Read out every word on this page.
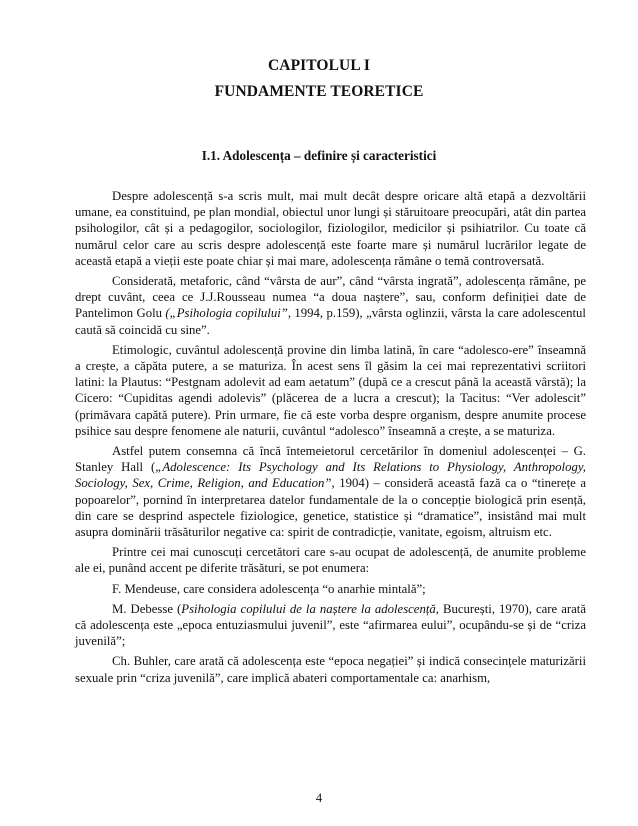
CAPITOLUL I
FUNDAMENTE TEORETICE
I.1. Adolescența – definire și caracteristici

Despre adolescență s-a scris mult, mai mult decât despre oricare altă etapă a dezvoltării umane, ea constituind, pe plan mondial, obiectul unor lungi și stăruitoare preocupări, atât din partea psihologilor, cât și a pedagogilor, sociologilor, fiziologilor, medicilor și psihiatrilor. Cu toate că numărul celor care au scris despre adolescență este foarte mare și numărul lucrărilor legate de această etapă a vieții este poate chiar și mai mare, adolescența rămâne o temă controversată.

Considerată, metaforic, când “vârsta de aur”, când “vârsta ingrată”, adolescența rămâne, pe drept cuvânt, ceea ce J.J.Rousseau numea “a doua naștere”, sau, conform definiției date de Pantelimon Golu („Psihologia copilului”, 1994, p.159), „vârsta oglinzii, vârsta la care adolescentul caută să coincidă cu sine”.

Etimologic, cuvântul adolescență provine din limba latină, în care “adolesco-ere” înseamnă a crește, a căpăta putere, a se maturiza. În acest sens îl găsim la cei mai reprezentativi scriitori latini: la Plautus: “Pestgnam adolevit ad eam aetatum” (după ce a crescut până la această vârstă); la Cicero: “Cupiditas agendi adolevis” (plăcerea de a lucra a crescut); la Tacitus: “Ver adolescit” (primăvara capătă putere). Prin urmare, fie că este vorba despre organism, despre anumite procese psihice sau despre fenomene ale naturii, cuvântul “adolesco” înseamnă a crește, a se maturiza.

Astfel putem consemna că încă întemeietorul cercetărilor în domeniul adolescenței – G. Stanley Hall („Adolescence: Its Psychology and Its Relations to Physiology, Anthropology, Sociology, Sex, Crime, Religion, and Education”, 1904) – consideră această fază ca o “tinerețe a popoarelor”, pornind în interpretarea datelor fundamentale de la o concepție biologică prin esență, din care se desprind aspectele fiziologice, genetice, statistice și “dramatice”, insistând mai mult asupra dominării trăsăturilor negative ca: spirit de contradicție, vanitate, egoism, altruism etc.

Printre cei mai cunoscuți cercetători care s-au ocupat de adolescență, de anumite probleme ale ei, punând accent pe diferite trăsături, se pot enumera:

F. Mendeuse, care considera adolescența “o anarhie mintală”;

M. Debesse (Psihologia copilului de la naștere la adolescență, București, 1970), care arată că adolescența este „epoca entuziasmului juvenil”, este “afirmarea eului”, ocupându-se și de “criza juvenilă”;

Ch. Buhler, care arată că adolescența este “epoca negației” și indică consecințele maturizării sexuale prin “criza juvenilă”, care implică abateri comportamentale ca: anarhism,

4
